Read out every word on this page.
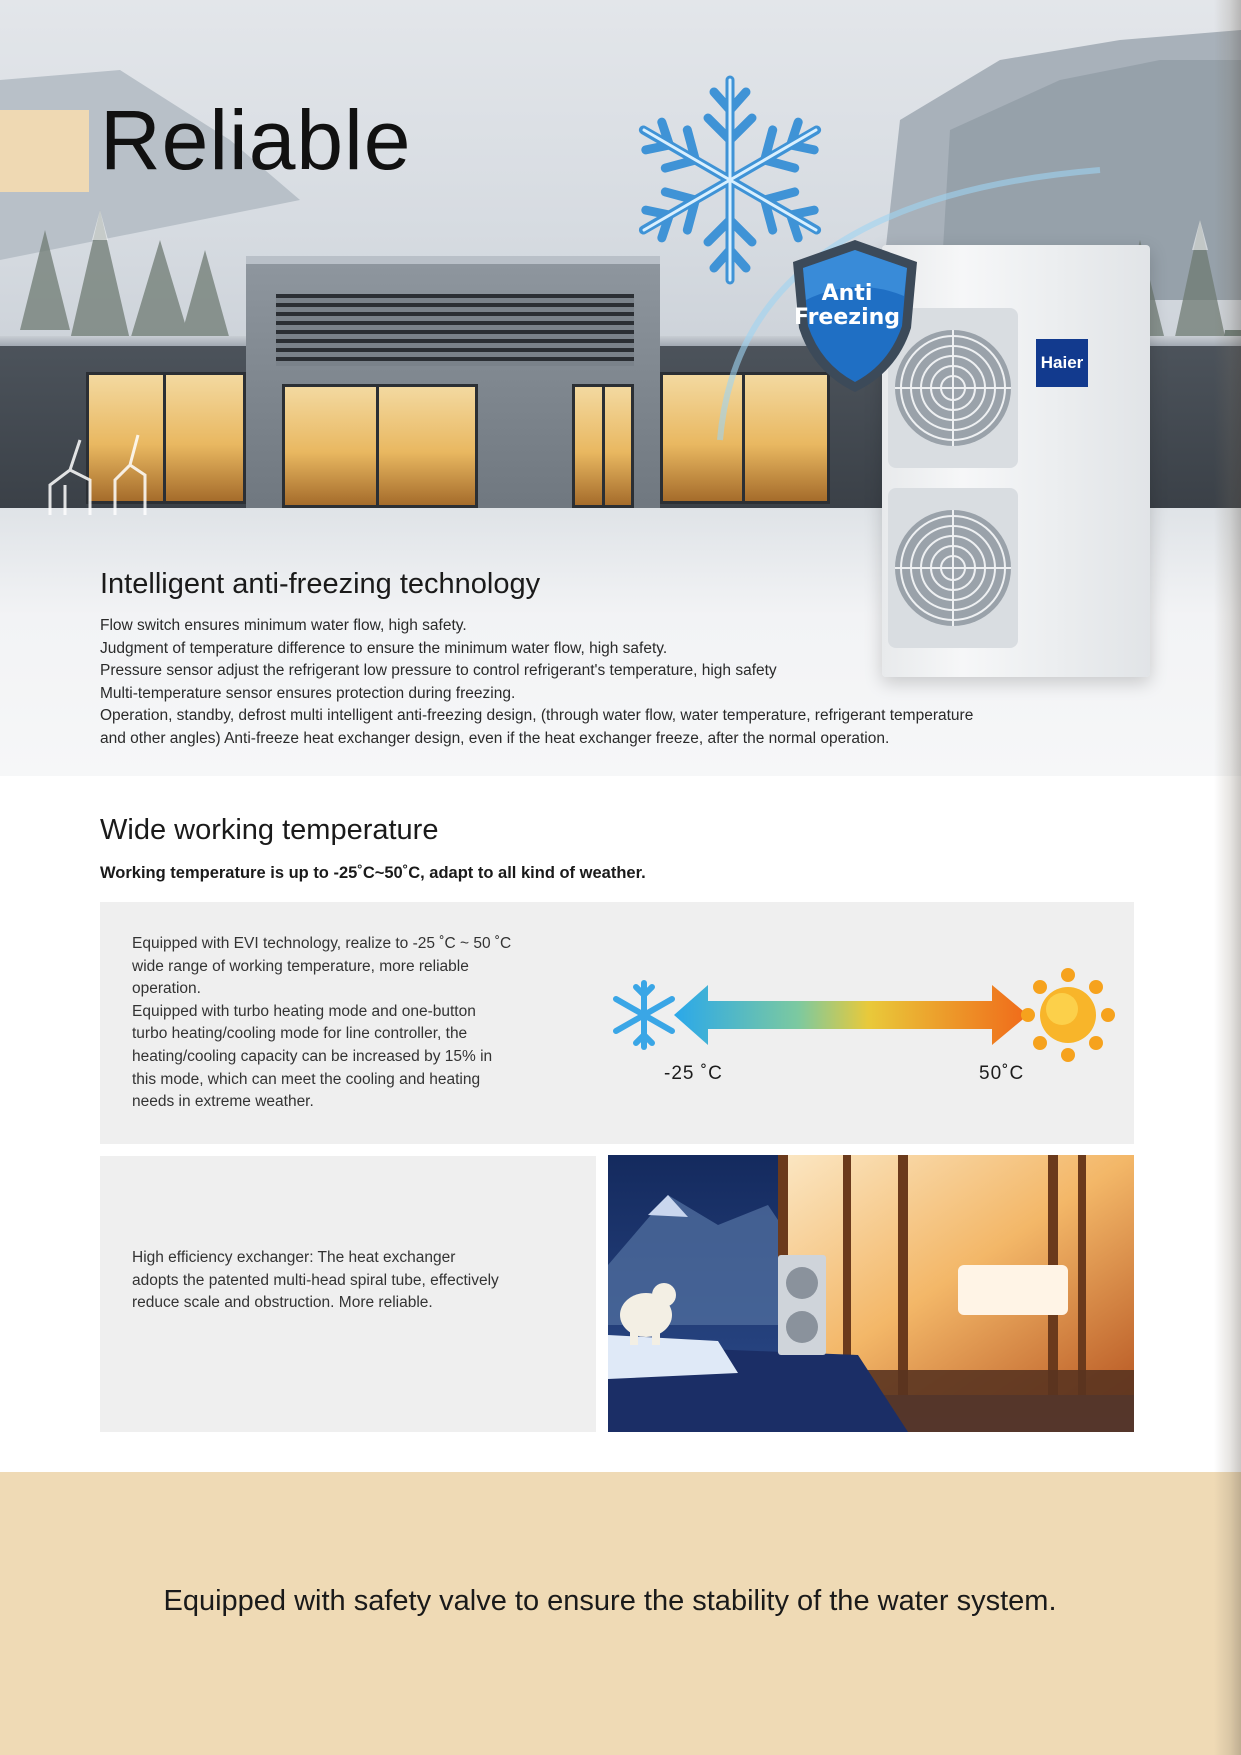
Reliable
Haier
Anti Freezing
Intelligent anti-freezing technology
Flow switch ensures minimum water flow, high safety.
Judgment of temperature difference to ensure the minimum water flow, high safety.
Pressure sensor adjust the refrigerant low pressure to control refrigerant's temperature, high safety
Multi-temperature sensor ensures protection during freezing.
Operation, standby, defrost multi intelligent anti-freezing design, (through water flow, water temperature, refrigerant temperature
and other angles) Anti-freeze heat exchanger design, even if the heat exchanger freeze, after the normal operation.
Wide working temperature
Working temperature is up to -25˚C~50˚C, adapt to all kind of weather.

Equipped with EVI technology, realize to -25 ˚C ~ 50 ˚C

wide range of working temperature, more reliable

operation.

Equipped with turbo heating mode and one-button

turbo heating/cooling mode for line controller, the

heating/cooling capacity can be increased by 15% in

this mode, which can meet the cooling and heating

needs in extreme weather.

-25 ˚C	50˚C

High efficiency exchanger: The heat exchanger

adopts the patented multi-head spiral tube, effectively

reduce scale and obstruction. More reliable.

Equipped with safety valve to ensure the stability of the water system.
